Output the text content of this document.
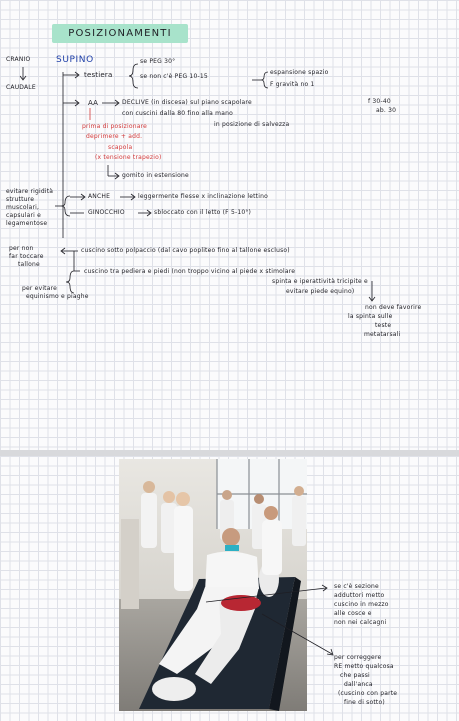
POSIZIONAMENTI
CRANIO
CAUDALE
SUPINO
testiera
se PEG 30°
se non c'è PEG 10-15
espansione spazio
F gravità no 1
AA	DECLIVE (in discesa) sul piano scapolare
con cuscini dalla 80 fino alla mano
in posizione di salvezza
f 30-40
ab. 30
prima di posizionare
deprimere + add.
scapola
(x tensione trapezio)
gomito in estensione
evitare rigidità
strutture
muscolari,
capsulari e
legamentose
ANCHE	leggermente flesse x inclinazione lettino
GINOCCHIO	sbloccato con il letto (F 5-10°)
per non
far toccare
tallone
cuscino sotto polpaccio (dal cavo popliteo fino al tallone escluso)
cuscino tra pediera e piedi (non troppo vicino al piede x stimolare
spinta e iperattività tricipite e
evitare piede equino)
per evitare
equinismo e piaghe
non deve favorire
la spinta sulle
teste
metatarsali
se c'è sezione
adduttori metto
cuscino in mezzo
alle cosce e
non nei calcagni
per correggere
RE metto qualcosa
che passi
dall'anca
(cuscino con parte
fine di sotto)
